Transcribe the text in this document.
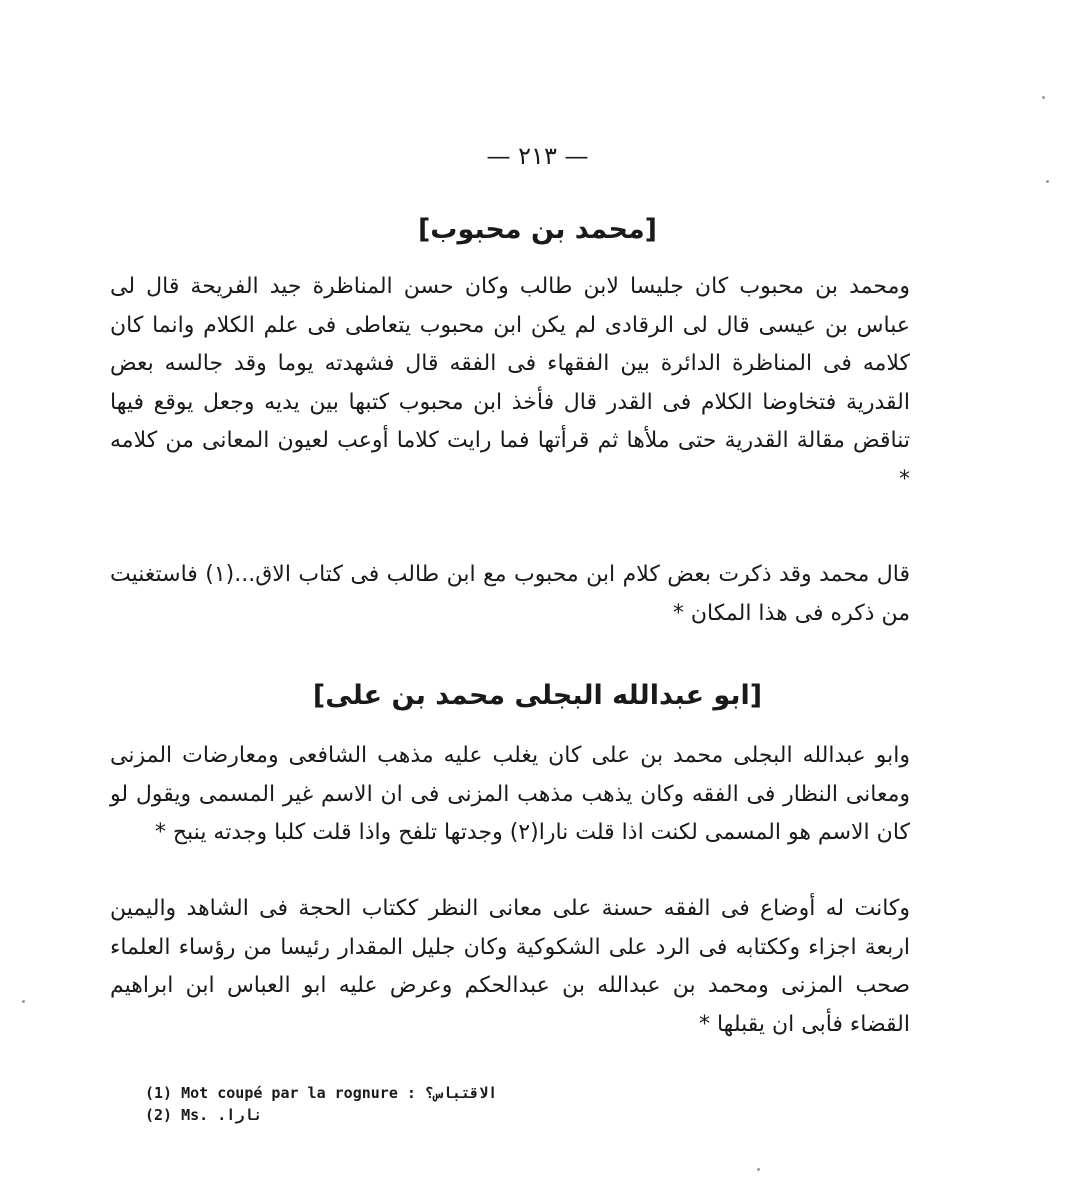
— ٢١٣ —
[محمد بن محبوب]
ومحمد بن محبوب كان جليسا لابن طالب وكان حسن المناظرة جيد الفريحة قال لى عباس بن عيسى قال لى الرقادى لم يكن ابن محبوب يتعاطى فى علم الكلام وانما كان كلامه فى المناظرة الدائرة بين الفقهاء فى الفقه قال فشهدته يوما وقد جالسه بعض القدرية فتخاوضا الكلام فى القدر قال فأخذ ابن محبوب كتبها بين يديه وجعل يوقع فيها تناقض مقالة القدرية حتى ملأها ثم قرأتها فما رايت كلاما أوعب لعيون المعانى من كلامه *
قال محمد وقد ذكرت بعض كلام ابن محبوب مع ابن طالب فى كتاب الاق...(١) فاستغنيت من ذكره فى هذا المكان *
[ابو عبدالله البجلى محمد بن على]
وابو عبدالله البجلى محمد بن على كان يغلب عليه مذهب الشافعى ومعارضات المزنى ومعانى النظار فى الفقه وكان يذهب مذهب المزنى فى ان الاسم غير المسمى ويقول لو كان الاسم هو المسمى لكنت اذا قلت نارا(٢) وجدتها تلفح واذا قلت كلبا وجدته ينبح *
وكانت له أوضاع فى الفقه حسنة على معانى النظر ككتاب الحجة فى الشاهد واليمين اربعة اجزاء وككتابه فى الرد على الشكوكية وكان جليل المقدار رئيسا من رؤساء العلماء صحب المزنى ومحمد بن عبدالله بن عبدالحكم وعرض عليه ابو العباس ابن ابراهيم القضاء فأبى ان يقبلها *
(1) Mot coupé par la rognure : الاقتباس؟
(2) Ms. نارا.
